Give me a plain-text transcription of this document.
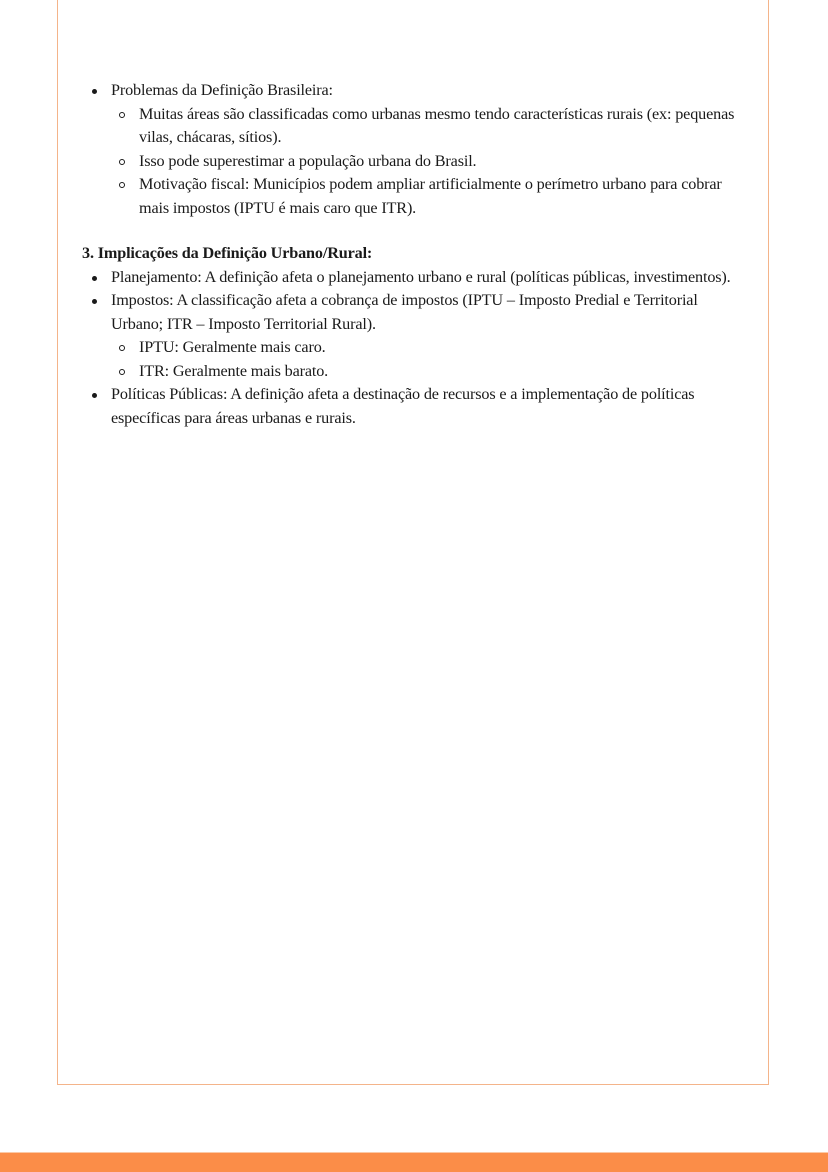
Problemas da Definição Brasileira:
Muitas áreas são classificadas como urbanas mesmo tendo características rurais (ex: pequenas vilas, chácaras, sítios).
Isso pode superestimar a população urbana do Brasil.
Motivação fiscal: Municípios podem ampliar artificialmente o perímetro urbano para cobrar mais impostos (IPTU é mais caro que ITR).
3. Implicações da Definição Urbano/Rural:
Planejamento: A definição afeta o planejamento urbano e rural (políticas públicas, investimentos).
Impostos: A classificação afeta a cobrança de impostos (IPTU – Imposto Predial e Territorial Urbano; ITR – Imposto Territorial Rural).
IPTU: Geralmente mais caro.
ITR: Geralmente mais barato.
Políticas Públicas: A definição afeta a destinação de recursos e a implementação de políticas específicas para áreas urbanas e rurais.
